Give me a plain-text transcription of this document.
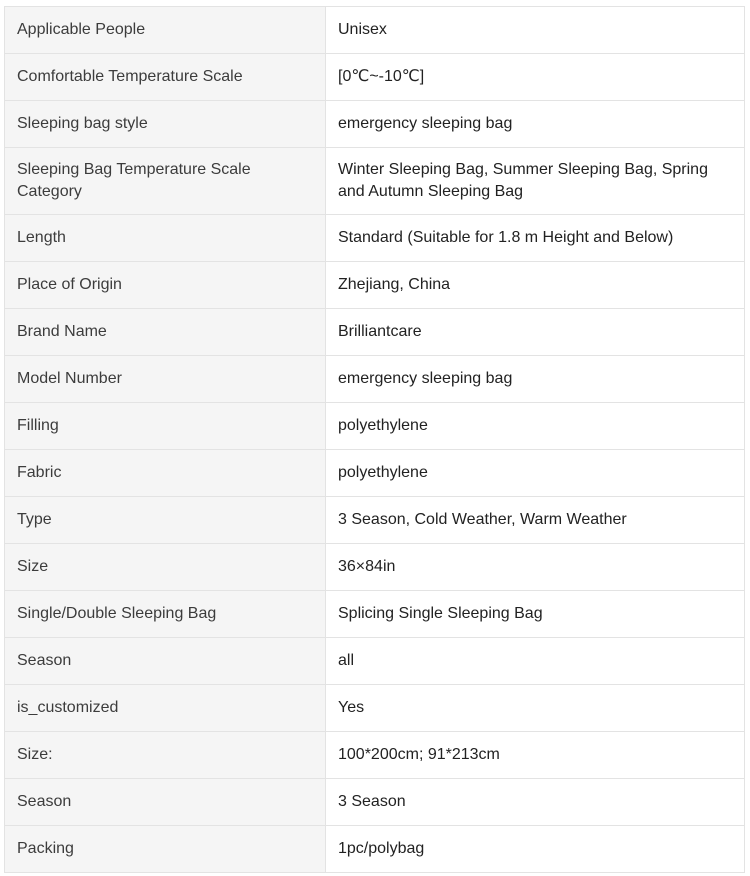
Applicable People	Unisex
Comfortable Temperature Scale	[0℃~-10℃]
Sleeping bag style	emergency sleeping bag
Sleeping Bag Temperature Scale Category	Winter Sleeping Bag, Summer Sleeping Bag, Spring and Autumn Sleeping Bag
Length	Standard (Suitable for 1.8 m Height and Below)
Place of Origin	Zhejiang, China
Brand Name	Brilliantcare
Model Number	emergency sleeping bag
Filling	polyethylene
Fabric	polyethylene
Type	3 Season, Cold Weather, Warm Weather
Size	36×84in
Single/Double Sleeping Bag	Splicing Single Sleeping Bag
Season	all
is_customized	Yes
Size:	100*200cm; 91*213cm
Season	3 Season
Packing	1pc/polybag
